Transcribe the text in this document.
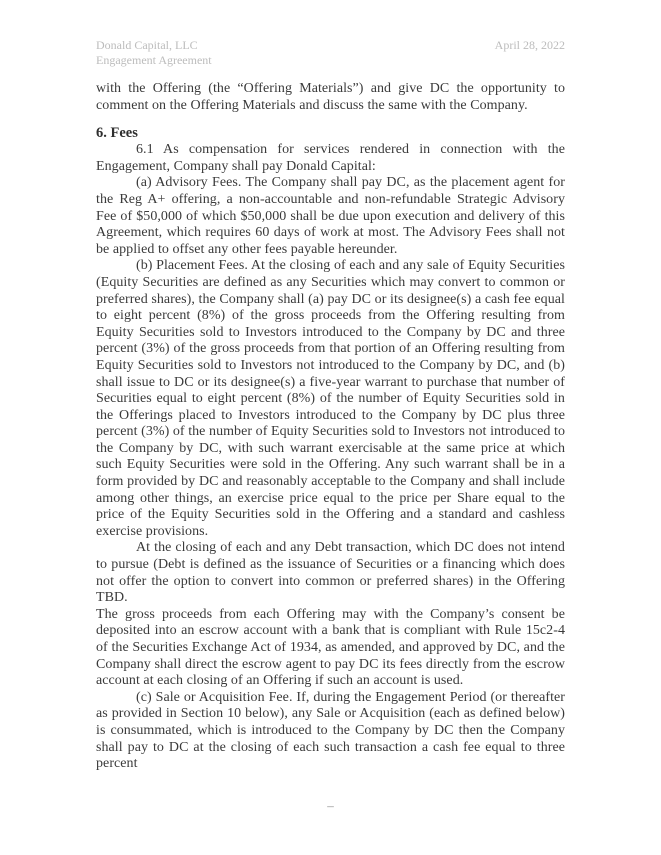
Donald Capital, LLC
Engagement Agreement
April 28, 2022

with the Offering (the “Offering Materials”) and give DC the opportunity to comment on the Offering Materials and discuss the same with the Company.

6. Fees

6.1 As compensation for services rendered in connection with the Engagement, Company shall pay Donald Capital:

(a) Advisory Fees. The Company shall pay DC, as the placement agent for the Reg A+ offering, a non-accountable and non-refundable Strategic Advisory Fee of $50,000 of which $50,000 shall be due upon execution and delivery of this Agreement, which requires 60 days of work at most. The Advisory Fees shall not be applied to offset any other fees payable hereunder.

(b) Placement Fees. At the closing of each and any sale of Equity Securities (Equity Securities are defined as any Securities which may convert to common or preferred shares), the Company shall (a) pay DC or its designee(s) a cash fee equal to eight percent (8%) of the gross proceeds from the Offering resulting from Equity Securities sold to Investors introduced to the Company by DC and three percent (3%) of the gross proceeds from that portion of an Offering resulting from Equity Securities sold to Investors not introduced to the Company by DC, and (b) shall issue to DC or its designee(s) a five-year warrant to purchase that number of Securities equal to eight percent (8%) of the number of Equity Securities sold in the Offerings placed to Investors introduced to the Company by DC plus three percent (3%) of the number of Equity Securities sold to Investors not introduced to the Company by DC, with such warrant exercisable at the same price at which such Equity Securities were sold in the Offering. Any such warrant shall be in a form provided by DC and reasonably acceptable to the Company and shall include among other things, an exercise price equal to the price per Share equal to the price of the Equity Securities sold in the Offering and a standard and cashless exercise provisions.

At the closing of each and any Debt transaction, which DC does not intend to pursue (Debt is defined as the issuance of Securities or a financing which does not offer the option to convert into common or preferred shares) in the Offering TBD.

The gross proceeds from each Offering may with the Company’s consent be deposited into an escrow account with a bank that is compliant with Rule 15c2-4 of the Securities Exchange Act of 1934, as amended, and approved by DC, and the Company shall direct the escrow agent to pay DC its fees directly from the escrow account at each closing of an Offering if such an account is used.

(c) Sale or Acquisition Fee. If, during the Engagement Period (or thereafter as provided in Section 10 below), any Sale or Acquisition (each as defined below) is consummated, which is introduced to the Company by DC then the Company shall pay to DC at the closing of each such transaction a cash fee equal to three percent

–
